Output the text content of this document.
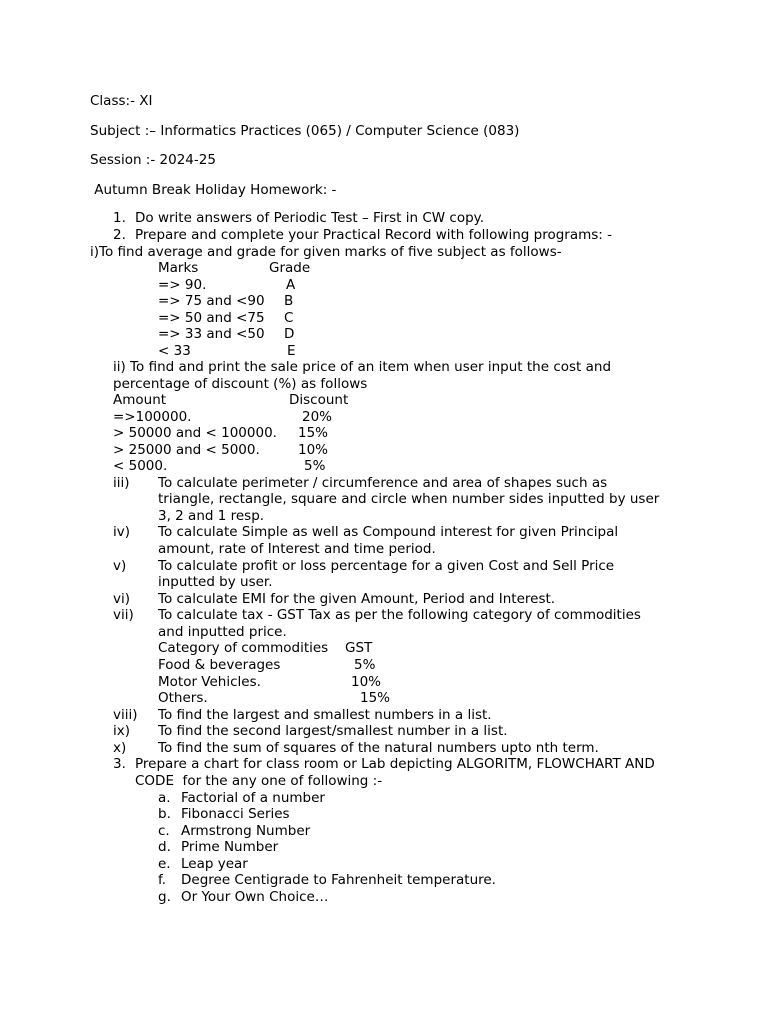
Class:- XI
Subject :– Informatics Practices (065) / Computer Science (083)
Session :- 2024-25
Autumn Break Holiday Homework: -
1. Do write answers of Periodic Test – First in CW copy.
2. Prepare and complete your Practical Record with following programs: -
i)To find average and grade for given marks of five subject as follows-
Marks	Grade
=> 90.	A
=> 75 and <90 B
=> 50 and <75 C
=> 33 and <50 D
< 33	E
ii) To find and print the sale price of an item when user input the cost and
percentage of discount (%) as follows
Amount	Discount
=>100000.	20%
> 50000 and < 100000. 15%
> 25000 and < 5000.	10%
< 5000.	5%
iii) To calculate perimeter / circumference and area of shapes such as
triangle, rectangle, square and circle when number sides inputted by user
3, 2 and 1 resp.
iv) To calculate Simple as well as Compound interest for given Principal
amount, rate of Interest and time period.
v) To calculate profit or loss percentage for a given Cost and Sell Price
inputted by user.
vi) To calculate EMI for the given Amount, Period and Interest.
vii) To calculate tax - GST Tax as per the following category of commodities
and inputted price.
Category of commodities GST
Food & beverages	5%
Motor Vehicles.	10%
Others.	15%
viii) To find the largest and smallest numbers in a list.
ix) To find the second largest/smallest number in a list.
x) To find the sum of squares of the natural numbers upto nth term.
3. Prepare a chart for class room or Lab depicting ALGORITM, FLOWCHART AND
CODE  for the any one of following :-
a. Factorial of a number
b. Fibonacci Series
c. Armstrong Number
d. Prime Number
e. Leap year
f. Degree Centigrade to Fahrenheit temperature.
g. Or Your Own Choice…
